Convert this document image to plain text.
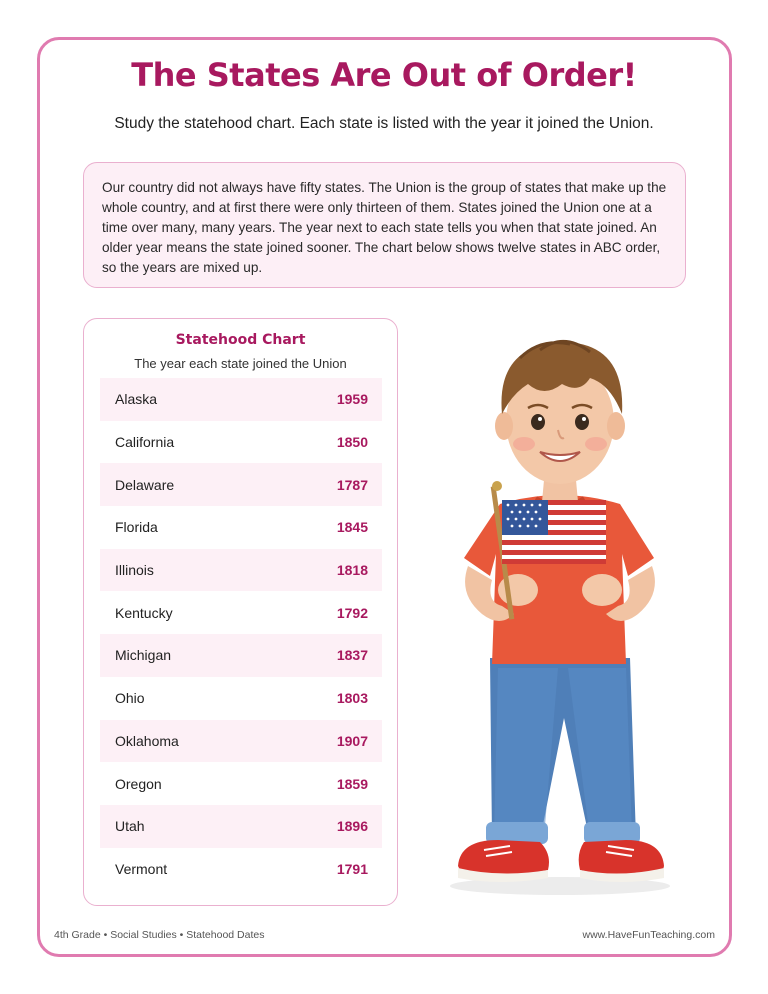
The States Are Out of Order!

Study the statehood chart. Each state is listed with the year it joined the Union.

Our country did not always have fifty states. The Union is the group of states that make up the whole country, and at first there were only thirteen of them. States joined the Union one at a time over many, many years. The year next to each state tells you when that state joined. An older year means the state joined sooner. The chart below shows twelve states in ABC order, so the years are mixed up.

Statehood Chart
The year each state joined the Union
Alaska	1959
California	1850
Delaware	1787
Florida	1845
Illinois	1818
Kentucky	1792
Michigan	1837
Ohio	1803
Oklahoma	1907
Oregon	1859
Utah	1896
Vermont	1791
4th Grade • Social Studies • Statehood Dates	www.HaveFunTeaching.com
